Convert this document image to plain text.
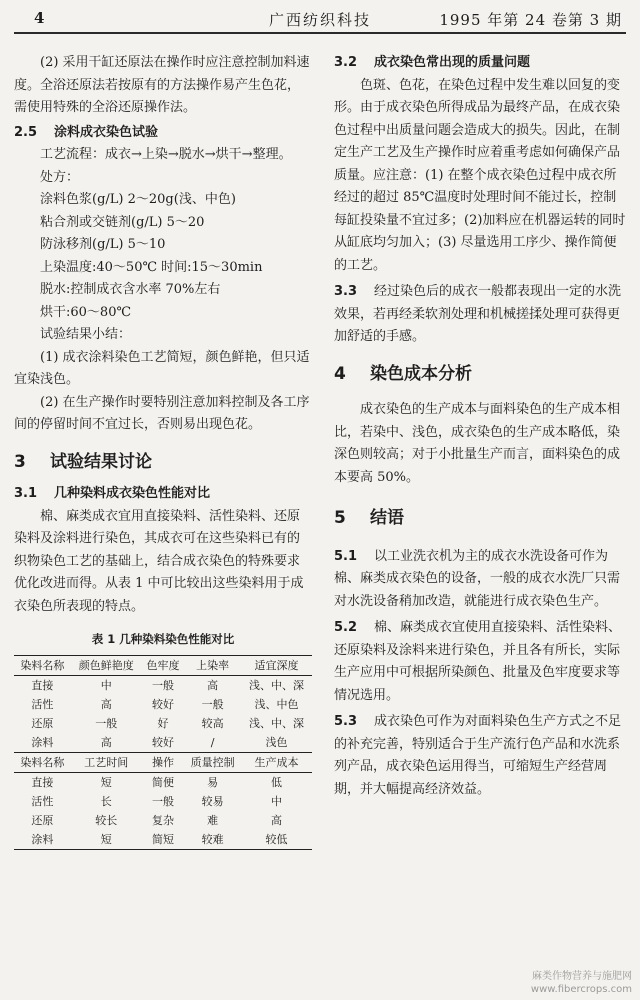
4	广西纺织科技	1995 年第 24 卷第 3 期

(2) 采用干缸还原法在操作时应注意控制加料速度。全浴还原法若按原有的方法操作易产生色花，需使用特殊的全浴还原操作法。

2.5 涂料成衣染色试验

工艺流程：成衣→上染→脱水→烘干→整理。

处方：

涂料色浆(g/L) 2～20g(浅、中色)

粘合剂或交链剂(g/L) 5～20

防泳移剂(g/L) 5～10

上染温度:40～50℃ 时间:15～30min

脱水:控制成衣含水率 70%左右

烘干:60～80℃

试验结果小结：

(1) 成衣涂料染色工艺简短，颜色鲜艳，但只适宜染浅色。

(2) 在生产操作时要特别注意加料控制及各工序间的停留时间不宜过长，否则易出现色花。

3 试验结果讨论

3.1 几种染料成衣染色性能对比

棉、麻类成衣宜用直接染料、活性染料、还原染料及涂料进行染色，其成衣可在这些染料已有的织物染色工艺的基础上，结合成衣染色的特殊要求优化改进而得。从表 1 中可比较出这些染料用于成衣染色所表现的特点。

表 1 几种染料染色性能对比

染料名称	颜色鲜艳度	色牢度	上染率	适宜深度
直接	中	一般	高	浅、中、深
活性	高	较好	一般	浅、中色
还原	一般	好	较高	浅、中、深
涂料	高	较好	/	浅色
染料名称	工艺时间	操作	质量控制	生产成本
直接	短	简便	易	低
活性	长	一般	较易	中
还原	较长	复杂	难	高
涂料	短	简短	较难	较低

3.2 成衣染色常出现的质量问题

色斑、色花，在染色过程中发生难以回复的变形。由于成衣染色所得成品为最终产品，在成衣染色过程中出质量问题会造成大的损失。因此，在制定生产工艺及生产操作时应着重考虑如何确保产品质量。应注意：(1) 在整个成衣染色过程中成衣所经过的超过 85℃温度时处理时间不能过长，控制每缸投染量不宜过多；(2)加料应在机器运转的同时从缸底均匀加入；(3) 尽量选用工序少、操作简便的工艺。

3.3 经过染色后的成衣一般都表现出一定的水洗效果，若再经柔软剂处理和机械搓揉处理可获得更加舒适的手感。

4 染色成本分析

成衣染色的生产成本与面料染色的生产成本相比，若染中、浅色，成衣染色的生产成本略低，染深色则较高；对于小批量生产而言，面料染色的成本要高 50%。

5 结语

5.1 以工业洗衣机为主的成衣水洗设备可作为棉、麻类成衣染色的设备，一般的成衣水洗厂只需对水洗设备稍加改造，就能进行成衣染色生产。

5.2 棉、麻类成衣宜使用直接染料、活性染料、还原染料及涂料来进行染色，并且各有所长，实际生产应用中可根据所染颜色、批量及色牢度要求等情况选用。

5.3 成衣染色可作为对面料染色生产方式之不足的补充完善，特别适合于生产流行色产品和水洗系列产品，成衣染色运用得当，可缩短生产经营周期，并大幅提高经济效益。

麻类作物营养与施肥网
www.fibercrops.com
